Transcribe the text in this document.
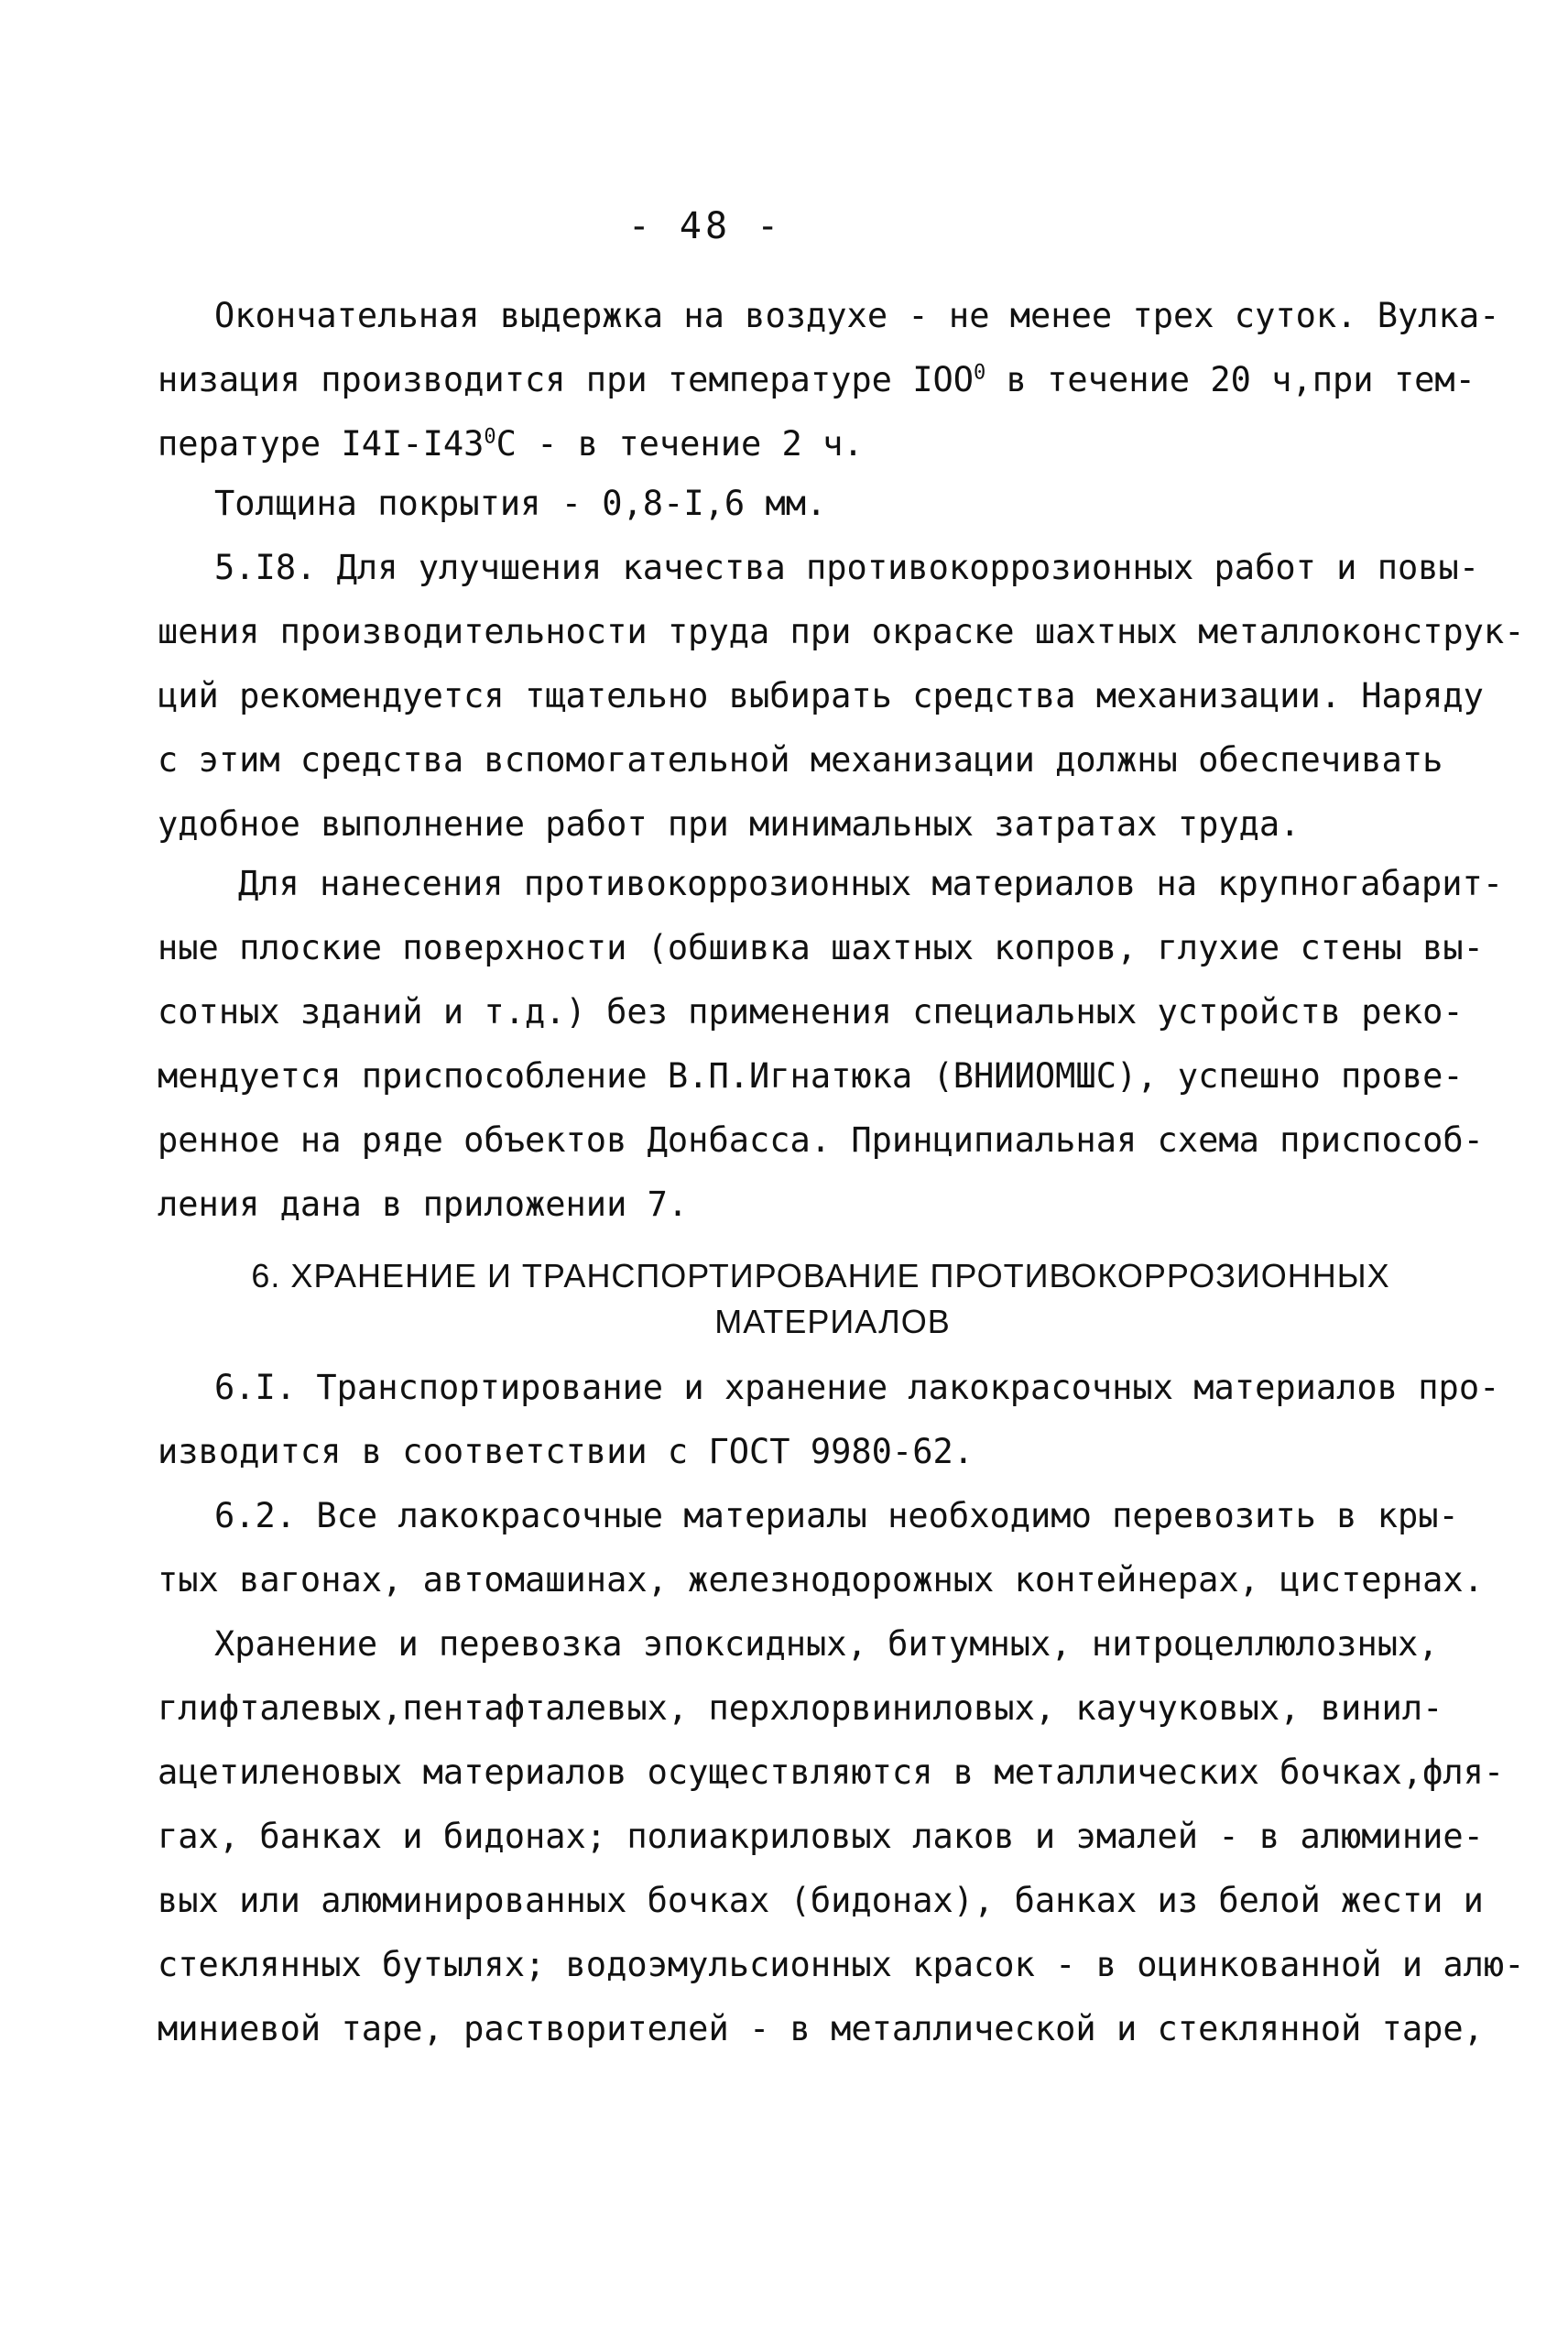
- 48 -
Окончательная выдержка на воздухе - не менее трех суток. Вулка-
низация производится при температуре IOO$^0$ в течение 20 ч,при тем-
пературе $I4I-I43^0C$ - в течение 2 ч.
Толщина покрытия - 0,8-I,6 мм.
5.I8. Для улучшения качества противокоррозионных работ и повы-
шения производительности труда при окраске шахтных металлоконструк-
ций рекомендуется тщательно выбирать средства механизации. Наряду
с этим средства вспомогательной механизации должны обеспечивать
удобное выполнение работ при минимальных затратах труда.
Для нанесения противокоррозионных материалов на крупногабарит-
ные плоские поверхности (обшивка шахтных копров, глухие стены вы-
сотных зданий и т.д.) без применения специальных устройств реко-
мендуется приспособление В.П.Игнатюка (ВНИИОМШС), успешно прове-
ренное на ряде объектов Донбасса. Принципиальная схема приспособ-
ления дана в приложении 7.
6. ХРАНЕНИЕ И ТРАНСПОРТИРОВАНИЕ ПРОТИВОКОРРОЗИОННЫХ
МАТЕРИАЛОВ
6.I. Транспортирование и хранение лакокрасочных материалов про-
изводится в соответствии с ГОСТ 9980-62.
6.2. Все лакокрасочные материалы необходимо перевозить в кры-
тых вагонах, автомашинах, железнодорожных контейнерах, цистернах.
Хранение и перевозка эпоксидных, битумных, нитроцеллюлозных,
глифталевых,пентафталевых, перхлорвиниловых, каучуковых, винил-
ацетиленовых материалов осуществляются в металлических бочках,фля-
гах, банках и бидонах; полиакриловых лаков и эмалей - в алюминие-
вых или алюминированных бочках (бидонах), банках из белой жести и
стеклянных бутылях; водоэмульсионных красок - в оцинкованной и алю-
миниевой таре, растворителей - в металлической и стеклянной таре,
